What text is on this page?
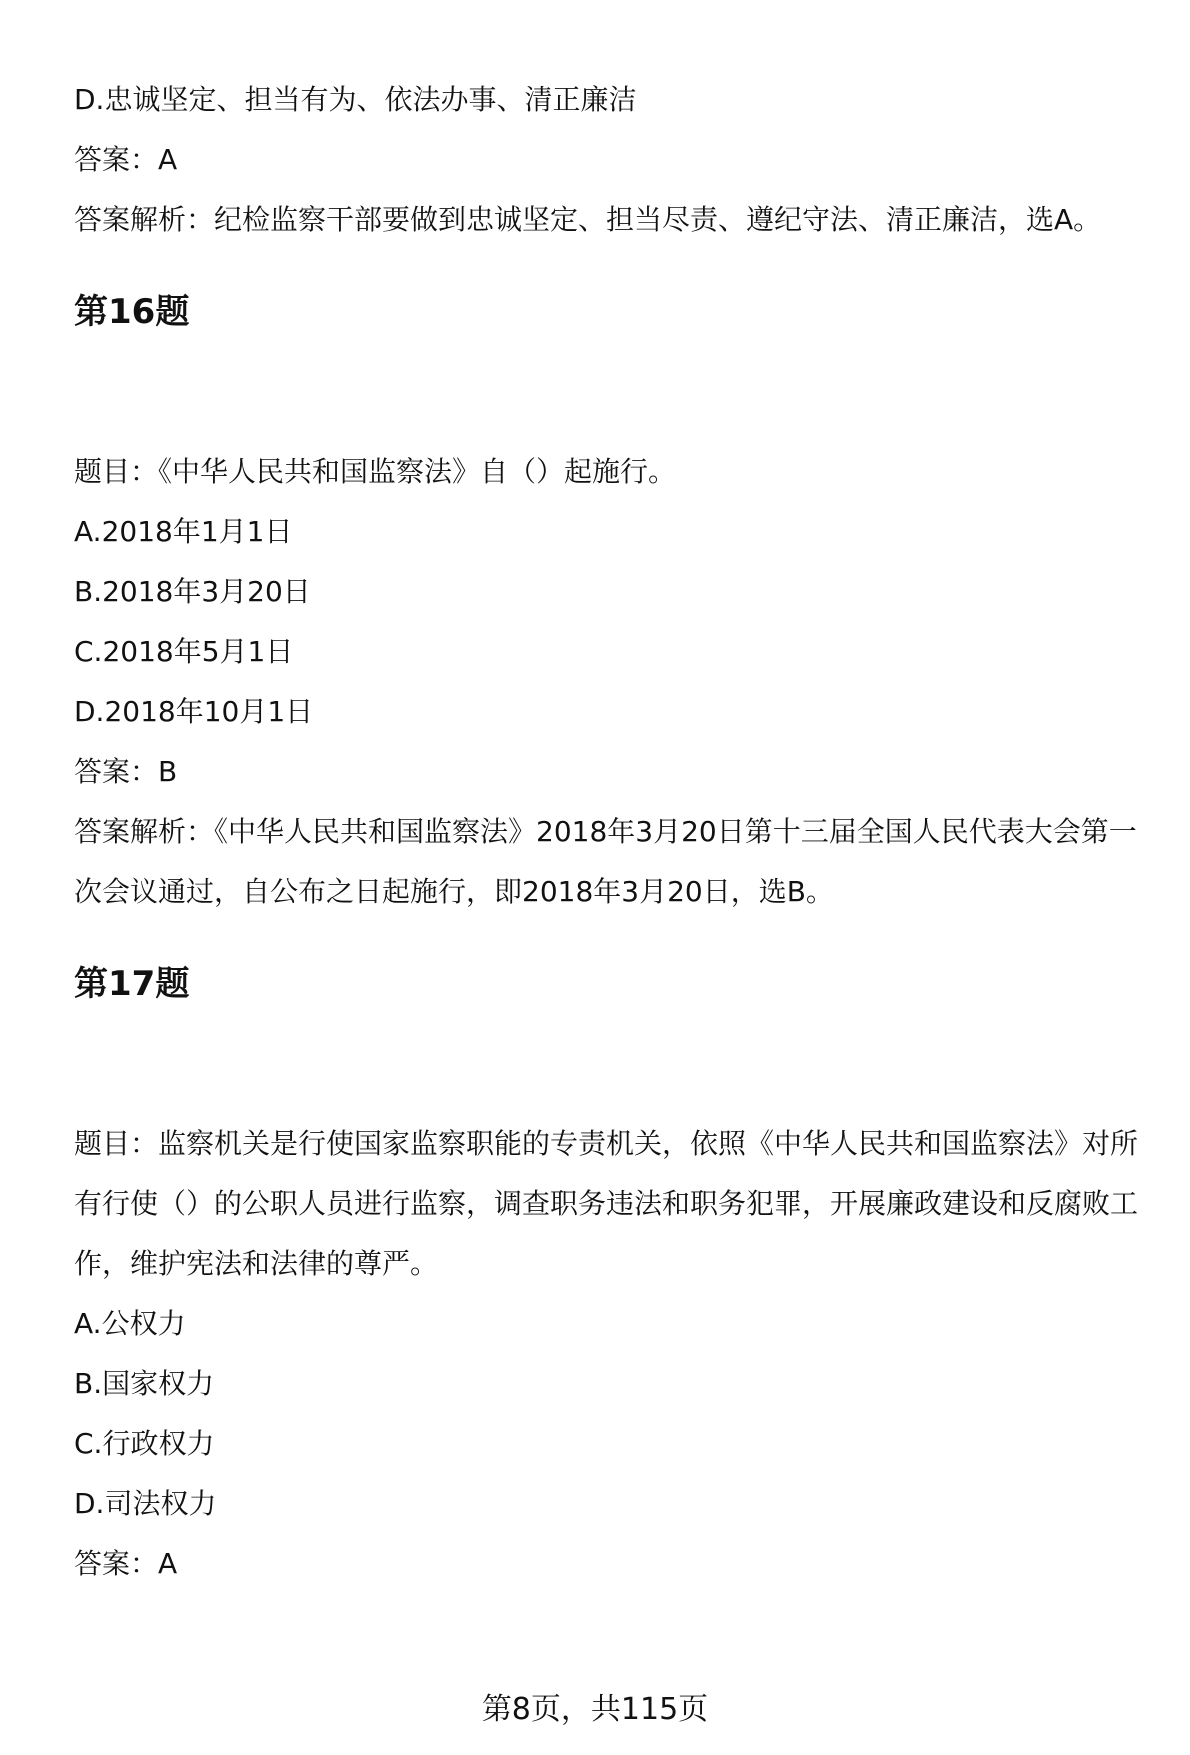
D.忠诚坚定、担当有为、依法办事、清正廉洁
答案：A
答案解析：纪检监察干部要做到忠诚坚定、担当尽责、遵纪守法、清正廉洁，选A。
第16题
题目：《中华人民共和国监察法》自（）起施行。
A.2018年1月1日
B.2018年3月20日
C.2018年5月1日
D.2018年10月1日
答案：B
答案解析：《中华人民共和国监察法》2018年3月20日第十三届全国人民代表大会第一次会议通过，自公布之日起施行，即2018年3月20日，选B。
第17题
题目：监察机关是行使国家监察职能的专责机关，依照《中华人民共和国监察法》对所有行使（）的公职人员进行监察，调查职务违法和职务犯罪，开展廉政建设和反腐败工作，维护宪法和法律的尊严。
A.公权力
B.国家权力
C.行政权力
D.司法权力
答案：A
第8页，共115页
